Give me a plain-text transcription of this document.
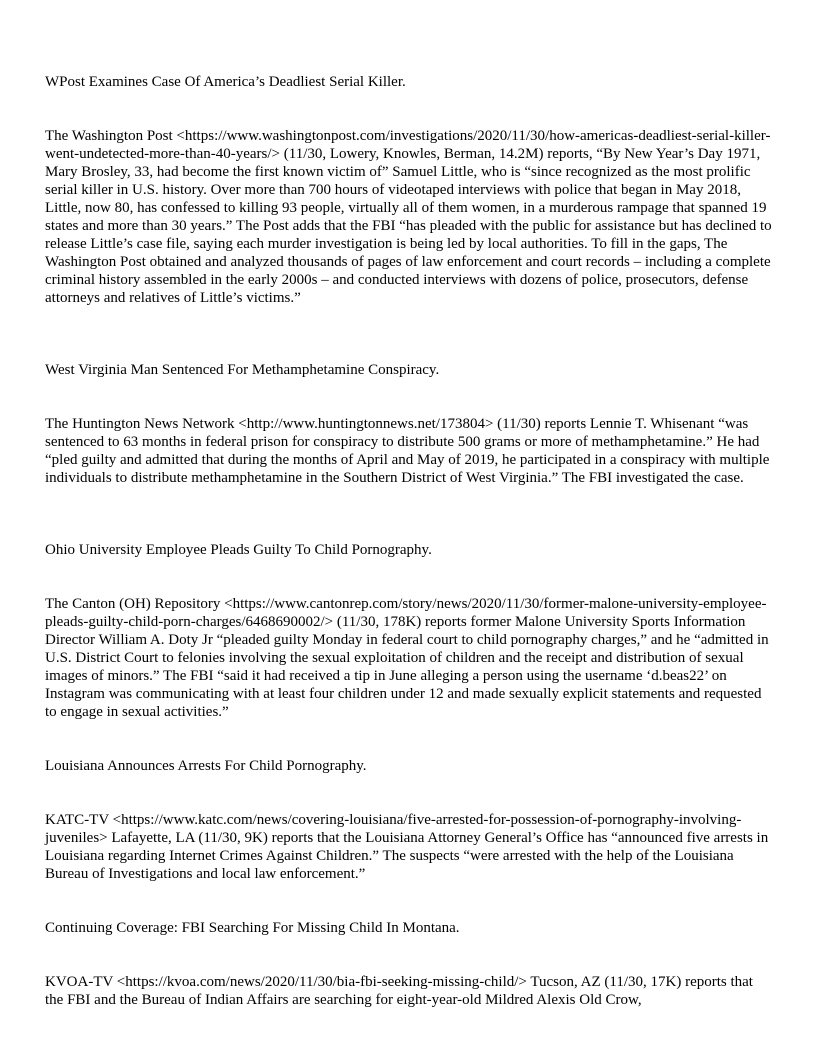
WPost Examines Case Of America’s Deadliest Serial Killer.
The Washington Post <https://www.washingtonpost.com/investigations/2020/11/30/how-americas-deadliest-serial-killer-went-undetected-more-than-40-years/> (11/30, Lowery, Knowles, Berman, 14.2M) reports, “By New Year’s Day 1971, Mary Brosley, 33, had become the first known victim of” Samuel Little, who is “since recognized as the most prolific serial killer in U.S. history. Over more than 700 hours of videotaped interviews with police that began in May 2018, Little, now 80, has confessed to killing 93 people, virtually all of them women, in a murderous rampage that spanned 19 states and more than 30 years.” The Post adds that the FBI “has pleaded with the public for assistance but has declined to release Little’s case file, saying each murder investigation is being led by local authorities. To fill in the gaps, The Washington Post obtained and analyzed thousands of pages of law enforcement and court records – including a complete criminal history assembled in the early 2000s – and conducted interviews with dozens of police, prosecutors, defense attorneys and relatives of Little’s victims.”
West Virginia Man Sentenced For Methamphetamine Conspiracy.
The Huntington News Network <http://www.huntingtonnews.net/173804> (11/30) reports Lennie T. Whisenant “was sentenced to 63 months in federal prison for conspiracy to distribute 500 grams or more of methamphetamine.” He had “pled guilty and admitted that during the months of April and May of 2019, he participated in a conspiracy with multiple individuals to distribute methamphetamine in the Southern District of West Virginia.” The FBI investigated the case.
Ohio University Employee Pleads Guilty To Child Pornography.
The Canton (OH) Repository <https://www.cantonrep.com/story/news/2020/11/30/former-malone-university-employee-pleads-guilty-child-porn-charges/6468690002/> (11/30, 178K) reports former Malone University Sports Information Director William A. Doty Jr “pleaded guilty Monday in federal court to child pornography charges,” and he “admitted in U.S. District Court to felonies involving the sexual exploitation of children and the receipt and distribution of sexual images of minors.” The FBI “said it had received a tip in June alleging a person using the username ‘d.beas22’ on Instagram was communicating with at least four children under 12 and made sexually explicit statements and requested to engage in sexual activities.”
Louisiana Announces Arrests For Child Pornography.
KATC-TV <https://www.katc.com/news/covering-louisiana/five-arrested-for-possession-of-pornography-involving-juveniles> Lafayette, LA (11/30, 9K) reports that the Louisiana Attorney General’s Office has “announced five arrests in Louisiana regarding Internet Crimes Against Children.” The suspects “were arrested with the help of the Louisiana Bureau of Investigations and local law enforcement.”
Continuing Coverage: FBI Searching For Missing Child In Montana.
KVOA-TV <https://kvoa.com/news/2020/11/30/bia-fbi-seeking-missing-child/> Tucson, AZ (11/30, 17K) reports that the FBI and the Bureau of Indian Affairs are searching for eight-year-old Mildred Alexis Old Crow,
